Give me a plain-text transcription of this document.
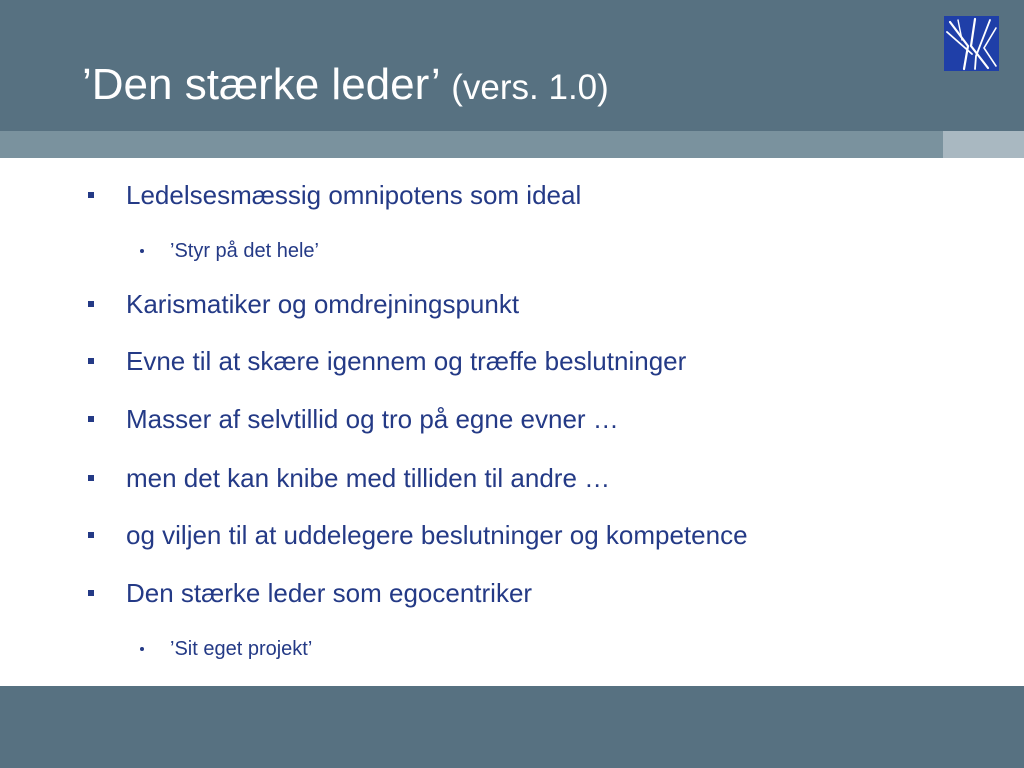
’Den stærke leder’ (vers. 1.0)
Ledelsesmæssig omnipotens som ideal
’Styr på det hele’
Karismatiker og omdrejningspunkt
Evne til at skære igennem og træffe beslutninger
Masser af selvtillid og tro på egne evner …
men det kan knibe med tilliden til andre …
og viljen til at uddelegere beslutninger og kompetence
Den stærke leder som egocentriker
’Sit eget projekt’
